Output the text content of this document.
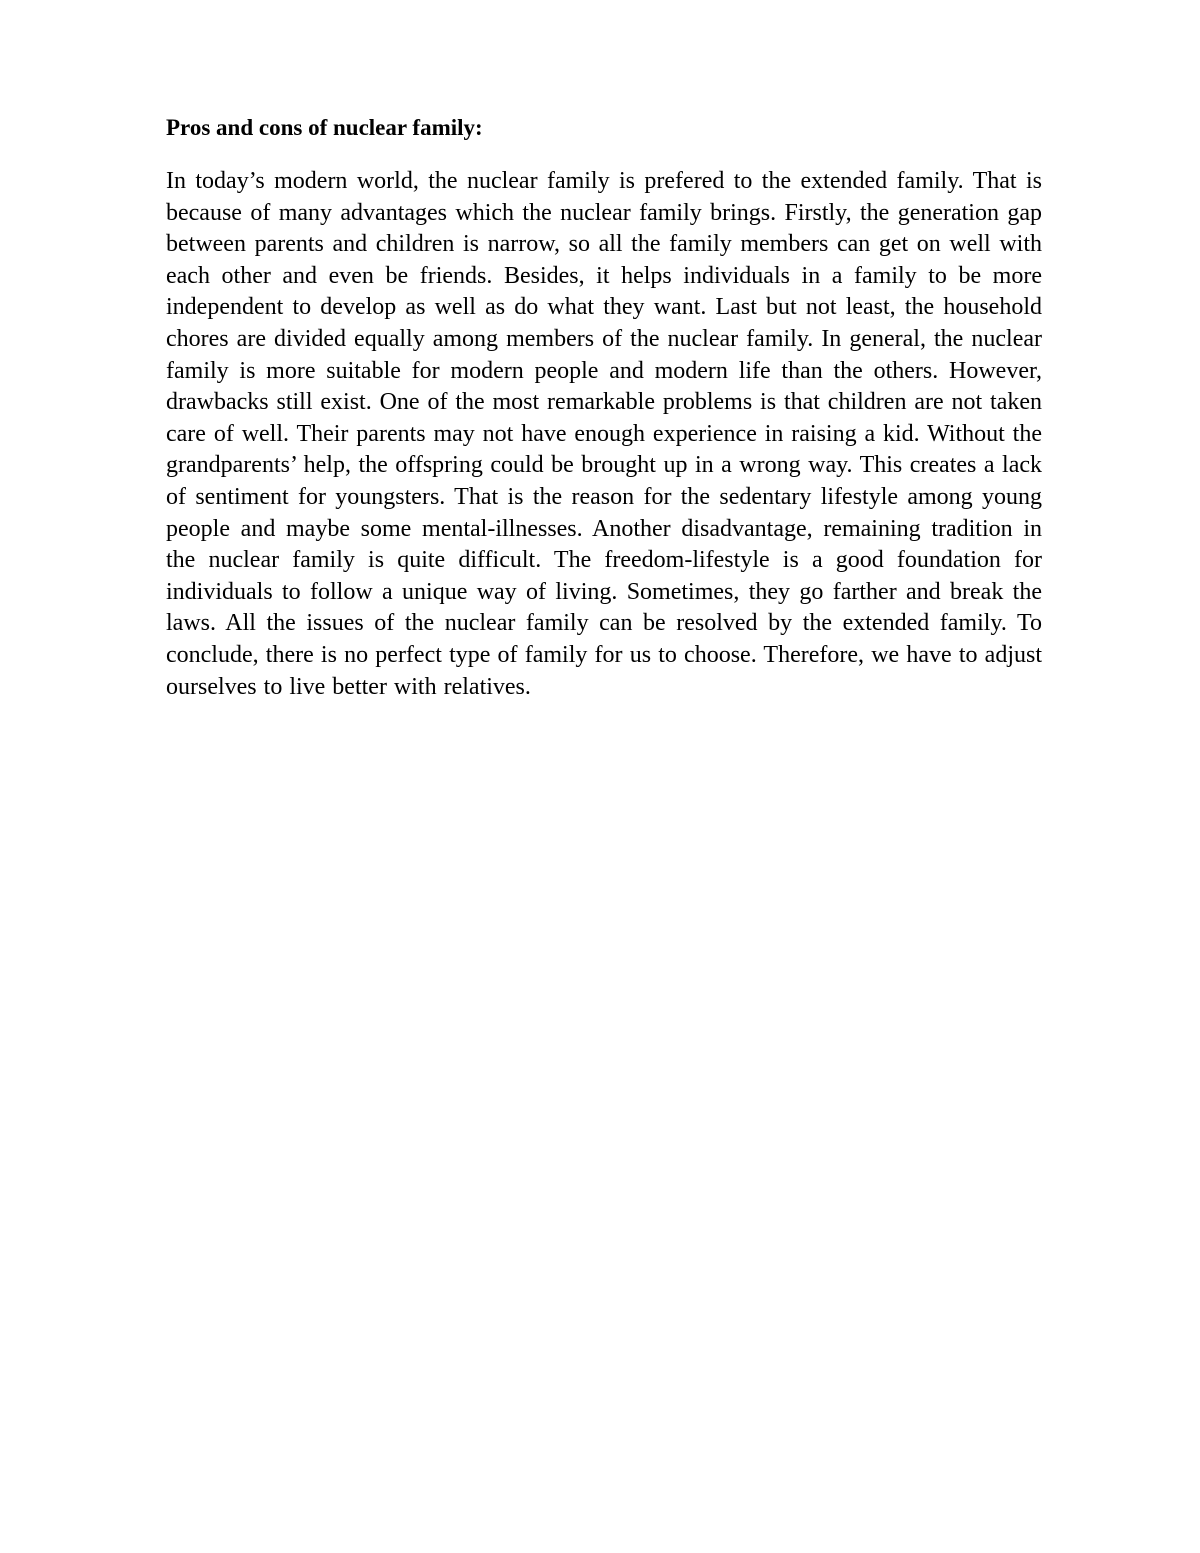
Pros and cons of nuclear family:

In today’s modern world, the nuclear family is prefered to the extended family. That is because of many advantages which the nuclear family brings. Firstly, the generation gap between parents and children is narrow, so all the family members can get on well with each other and even be friends. Besides, it helps individuals in a family to be more independent to develop as well as do what they want. Last but not least, the household chores are divided equally among members of the nuclear family. In general, the nuclear family is more suitable for modern people and modern life than the others. However, drawbacks still exist. One of the most remarkable problems is that children are not taken care of well. Their parents may not have enough experience in raising a kid. Without the grandparents’ help, the offspring could be brought up in a wrong way. This creates a lack of sentiment for youngsters. That is the reason for the sedentary lifestyle among young people and maybe some mental-illnesses. Another disadvantage, remaining tradition in the nuclear family is quite difficult. The freedom-lifestyle is a good foundation for individuals to follow a unique way of living. Sometimes, they go farther and break the laws. All the issues of the nuclear family can be resolved by the extended family. To conclude, there is no perfect type of family for us to choose. Therefore, we have to adjust ourselves to live better with relatives.
